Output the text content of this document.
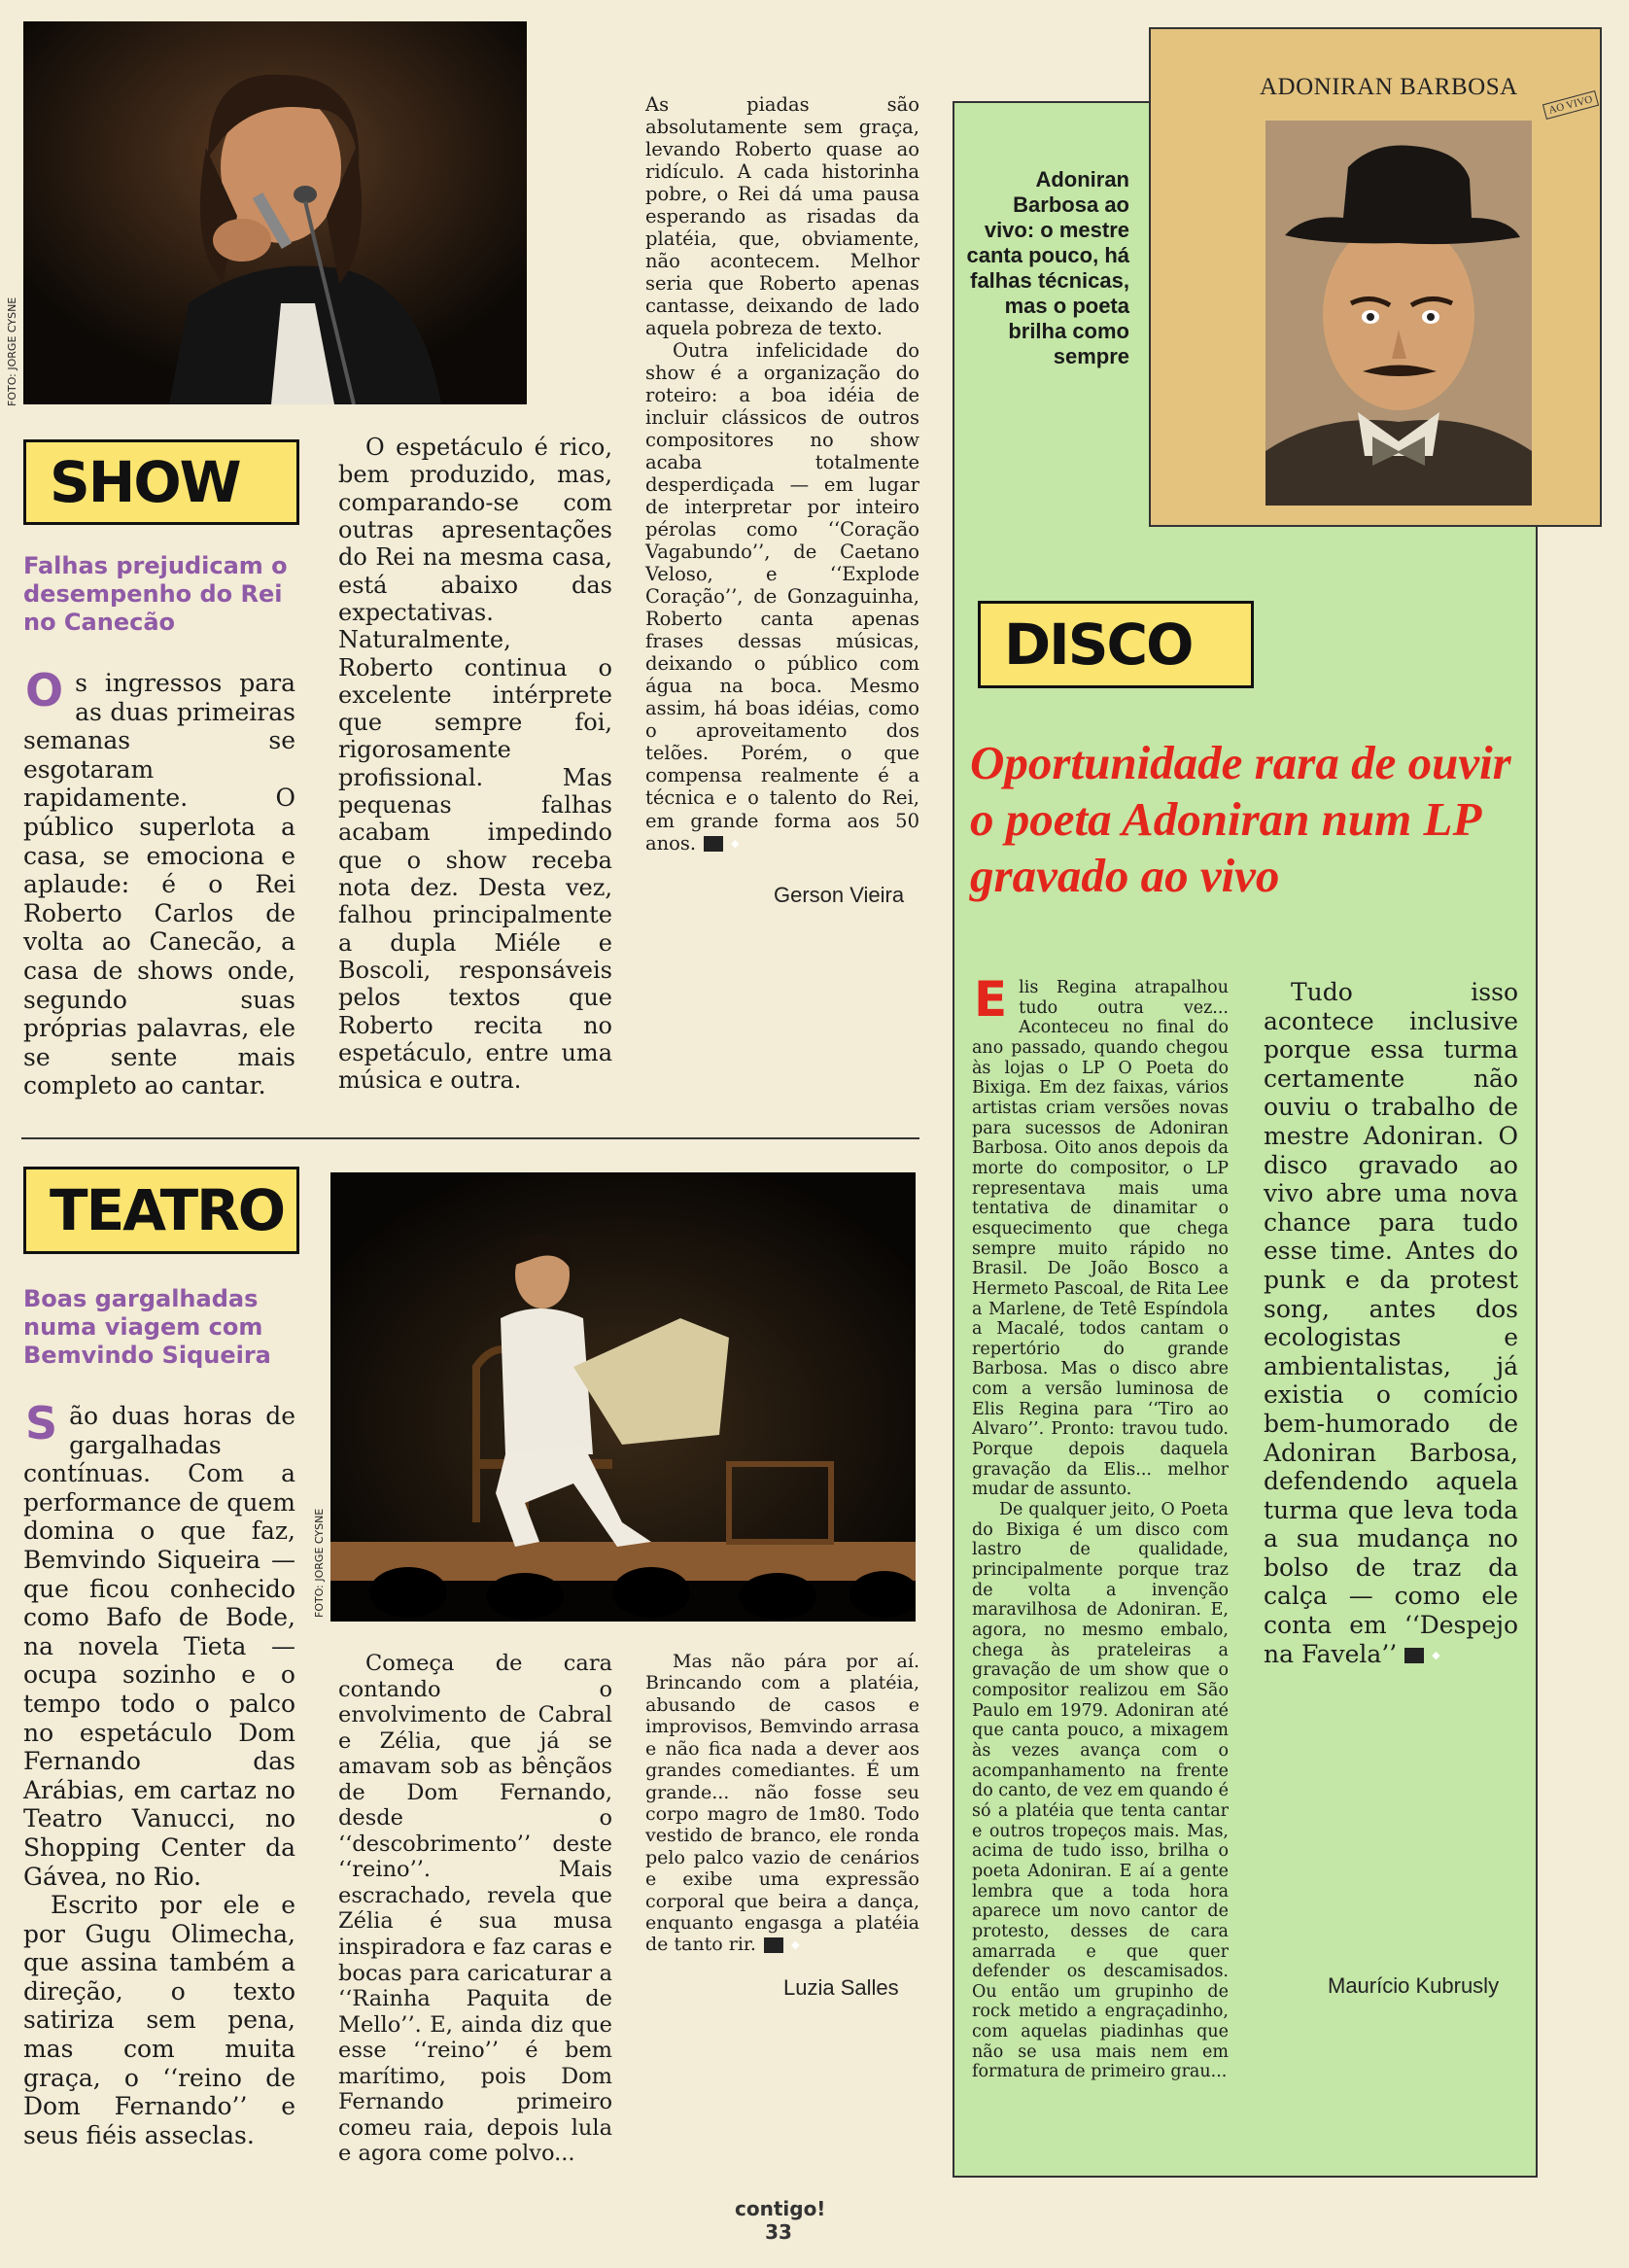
FOTO: JORGE CYSNE
SHOW
Falhas prejudicam o desempenho do Rei no Canecão

Os ingressos para as duas primeiras semanas se esgotaram rapidamente. O público superlota a casa, se emociona e aplaude: é o Rei Roberto Carlos de volta ao Canecão, a casa de shows onde, segundo suas próprias palavras, ele se sente mais completo ao cantar.

O espetáculo é rico, bem produzido, mas, comparando-se com outras apresentações do Rei na mesma casa, está abaixo das expectativas. Naturalmente, Roberto continua o excelente intérprete que sempre foi, rigorosamente profissional. Mas pequenas falhas acabam impedindo que o show receba nota dez. Desta vez, falhou principalmente a dupla Miéle e Boscoli, responsáveis pelos textos que Roberto recita no espetáculo, entre uma música e outra.

As piadas são absolutamente sem graça, levando Roberto quase ao ridículo. A cada historinha pobre, o Rei dá uma pausa esperando as risadas da platéia, que, obviamente, não acontecem. Melhor seria que Roberto apenas cantasse, deixando de lado aquela pobreza de texto.

Outra infelicidade do show é a organização do roteiro: a boa idéia de incluir clássicos de outros compositores no show acaba totalmente desperdiçada — em lugar de interpretar por inteiro pérolas como ‘‘Coração Vagabundo’’, de Caetano Veloso, e ‘‘Explode Coração’’, de Gonzaguinha, Roberto canta apenas frases dessas músicas, deixando o público com água na boca. Mesmo assim, há boas idéias, como o aproveitamento dos telões. Porém, o que compensa realmente é a técnica e o talento do Rei, em grande forma aos 50 anos.	◆

Gerson Vieira
TEATRO
Boas gargalhadas numa viagem com Bemvindo Siqueira
FOTO: JORGE CYSNE

São duas horas de gargalhadas contínuas. Com a performance de quem domina o que faz, Bemvindo Siqueira — que ficou conhecido como Bafo de Bode, na novela Tieta — ocupa sozinho e o tempo todo o palco no espetáculo Dom Fernando das Arábias, em cartaz no Teatro Vanucci, no Shopping Center da Gávea, no Rio.

Escrito por ele e por Gugu Olimecha, que assina também a direção, o texto satiriza sem pena, mas com muita graça, o ‘‘reino de Dom Fernando’’ e seus fiéis asseclas.

Começa de cara contando o envolvimento de Cabral e Zélia, que já se amavam sob as bênçãos de Dom Fernando, desde o ‘‘descobrimento’’ deste ‘‘reino’’. Mais escrachado, revela que Zélia é sua musa inspiradora e faz caras e bocas para caricaturar a ‘‘Rainha Paquita de Mello’’. E, ainda diz que esse ‘‘reino’’ é bem marítimo, pois Dom Fernando primeiro comeu raia, depois lula e agora come polvo...

Mas não pára por aí. Brincando com a platéia, abusando de casos e improvisos, Bemvindo arrasa e não fica nada a dever aos grandes comediantes. É um grande... não fosse seu corpo magro de 1m80. Todo vestido de branco, ele ronda pelo palco vazio de cenários e exibe uma expressão corporal que beira a dança, enquanto engasga a platéia de tanto rir.	◆

Luzia Salles
ADONIRAN BARBOSA
AO VIVO
Adoniran Barbosa ao vivo: o mestre canta pouco, há falhas técnicas, mas o poeta brilha como sempre
DISCO
Oportunidade rara de ouvir o poeta Adoniran num LP gravado ao vivo

Elis Regina atrapalhou tudo outra vez... Aconteceu no final do ano passado, quando chegou às lojas o LP O Poeta do Bixiga. Em dez faixas, vários artistas criam versões novas para sucessos de Adoniran Barbosa. Oito anos depois da morte do compositor, o LP representava mais uma tentativa de dinamitar o esquecimento que chega sempre muito rápido no Brasil. De João Bosco a Hermeto Pascoal, de Rita Lee a Marlene, de Tetê Espíndola a Macalé, todos cantam o repertório do grande Barbosa. Mas o disco abre com a versão luminosa de Elis Regina para ‘‘Tiro ao Alvaro’’. Pronto: travou tudo. Porque depois daquela gravação da Elis... melhor mudar de assunto.

De qualquer jeito, O Poeta do Bixiga é um disco com lastro de qualidade, principalmente porque traz de volta a invenção maravilhosa de Adoniran. E, agora, no mesmo embalo, chega às prateleiras a gravação de um show que o compositor realizou em São Paulo em 1979. Adoniran até que canta pouco, a mixagem às vezes avança com o acompanhamento na frente do canto, de vez em quando é só a platéia que tenta cantar e outros tropeços mais. Mas, acima de tudo isso, brilha o poeta Adoniran. E aí a gente lembra que a toda hora aparece um novo cantor de protesto, desses de cara amarrada e que quer defender os descamisados. Ou então um grupinho de rock metido a engraçadinho, com aquelas piadinhas que não se usa mais nem em formatura de primeiro grau...

Tudo isso acontece inclusive porque essa turma certamente não ouviu o trabalho de mestre Adoniran. O disco gravado ao vivo abre uma nova chance para tudo esse time. Antes do punk e da protest song, antes dos ecologistas e ambientalistas, já existia o comício bem-humorado de Adoniran Barbosa, defendendo aquela turma que leva toda a sua mudança no bolso de traz da calça — como ele conta em ‘‘Despejo na Favela’’	◆

Maurício Kubrusly
contigo!
33
